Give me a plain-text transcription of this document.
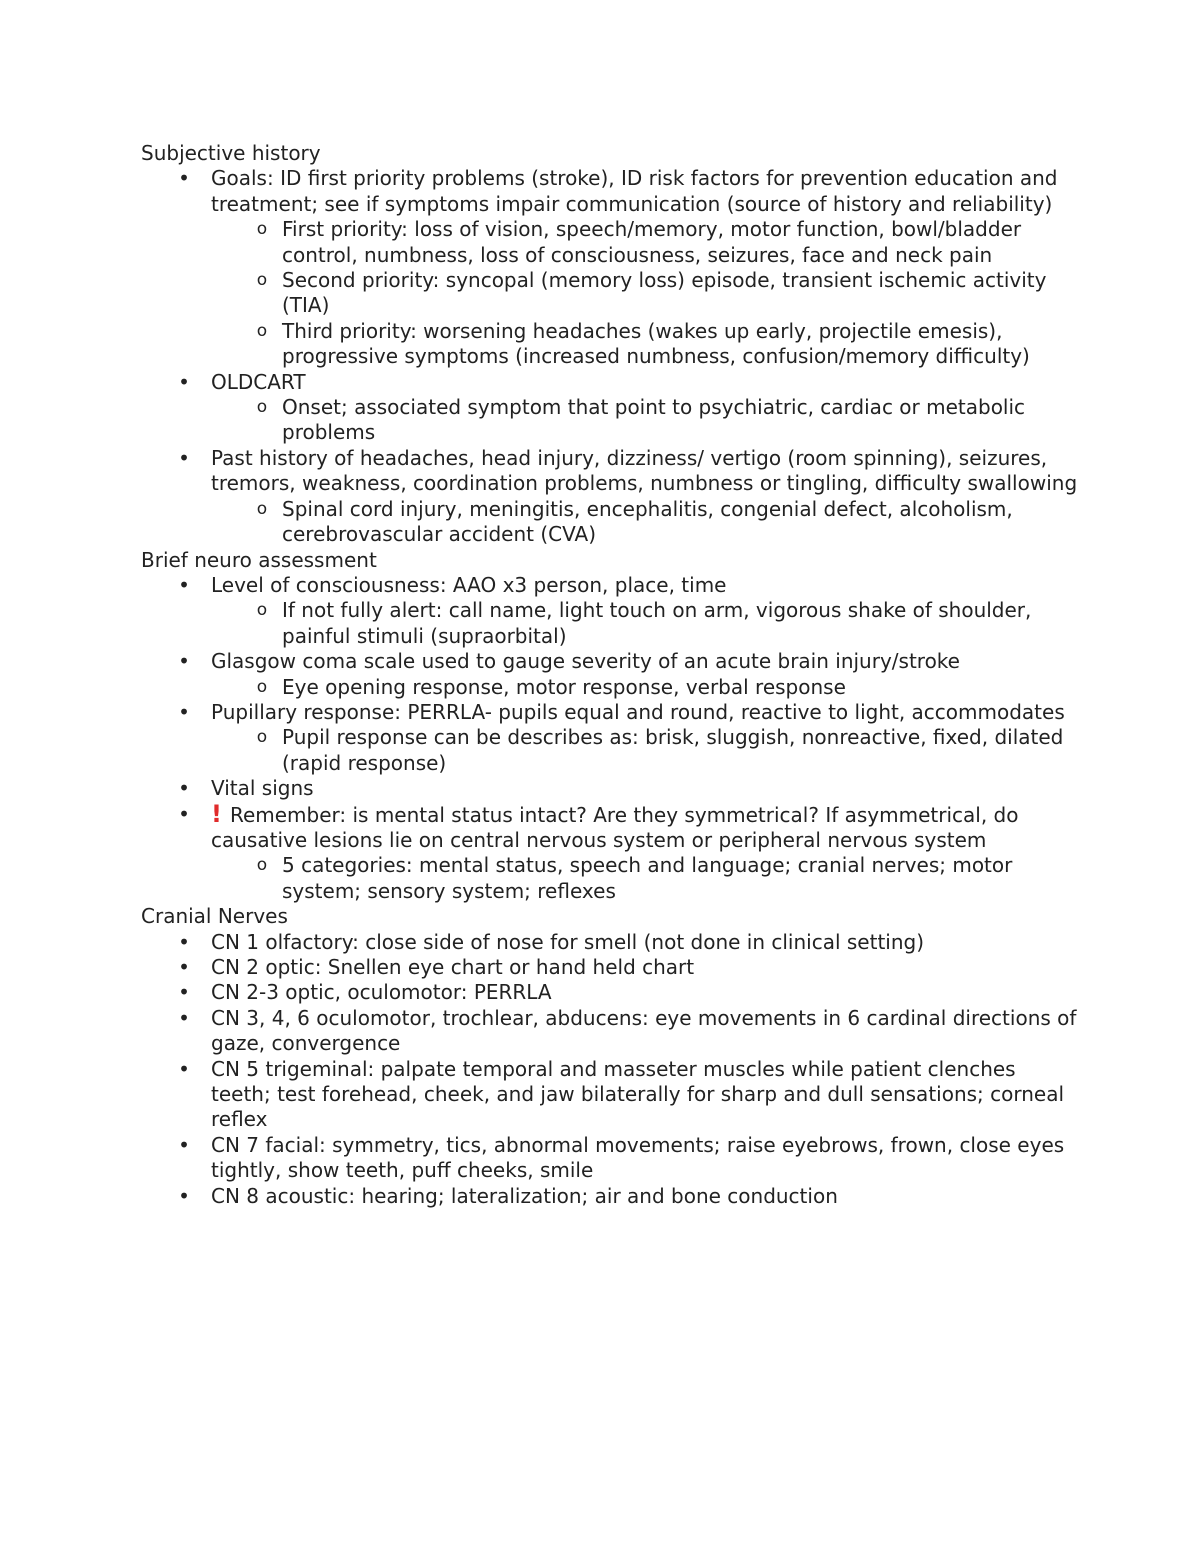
Subjective history
• Goals: ID first priority problems (stroke), ID risk factors for prevention education and treatment; see if symptoms impair communication (source of history and reliability)
o First priority: loss of vision, speech/memory, motor function, bowl/bladder control, numbness, loss of consciousness, seizures, face and neck pain
o Second priority: syncopal (memory loss) episode, transient ischemic activity (TIA)
o Third priority: worsening headaches (wakes up early, projectile emesis), progressive symptoms (increased numbness, confusion/memory difficulty)
• OLDCART
o Onset; associated symptom that point to psychiatric, cardiac or metabolic problems
• Past history of headaches, head injury, dizziness/ vertigo (room spinning), seizures, tremors, weakness, coordination problems, numbness or tingling, difficulty swallowing
o Spinal cord injury, meningitis, encephalitis, congenial defect, alcoholism, cerebrovascular accident (CVA)
Brief neuro assessment
• Level of consciousness: AAO x3 person, place, time
o If not fully alert: call name, light touch on arm, vigorous shake of shoulder, painful stimuli (supraorbital)
• Glasgow coma scale used to gauge severity of an acute brain injury/stroke
o Eye opening response, motor response, verbal response
• Pupillary response: PERRLA- pupils equal and round, reactive to light, accommodates
o Pupil response can be describes as: brisk, sluggish, nonreactive, fixed, dilated (rapid response)
• Vital signs
• ! Remember: is mental status intact? Are they symmetrical? If asymmetrical, do causative lesions lie on central nervous system or peripheral nervous system
o 5 categories: mental status, speech and language; cranial nerves; motor system; sensory system; reflexes
Cranial Nerves
• CN 1 olfactory: close side of nose for smell (not done in clinical setting)
• CN 2 optic: Snellen eye chart or hand held chart
• CN 2-3 optic, oculomotor: PERRLA
• CN 3, 4, 6 oculomotor, trochlear, abducens: eye movements in 6 cardinal directions of gaze, convergence
• CN 5 trigeminal: palpate temporal and masseter muscles while patient clenches teeth; test forehead, cheek, and jaw bilaterally for sharp and dull sensations; corneal reflex
• CN 7 facial: symmetry, tics, abnormal movements; raise eyebrows, frown, close eyes tightly, show teeth, puff cheeks, smile
• CN 8 acoustic: hearing; lateralization; air and bone conduction
